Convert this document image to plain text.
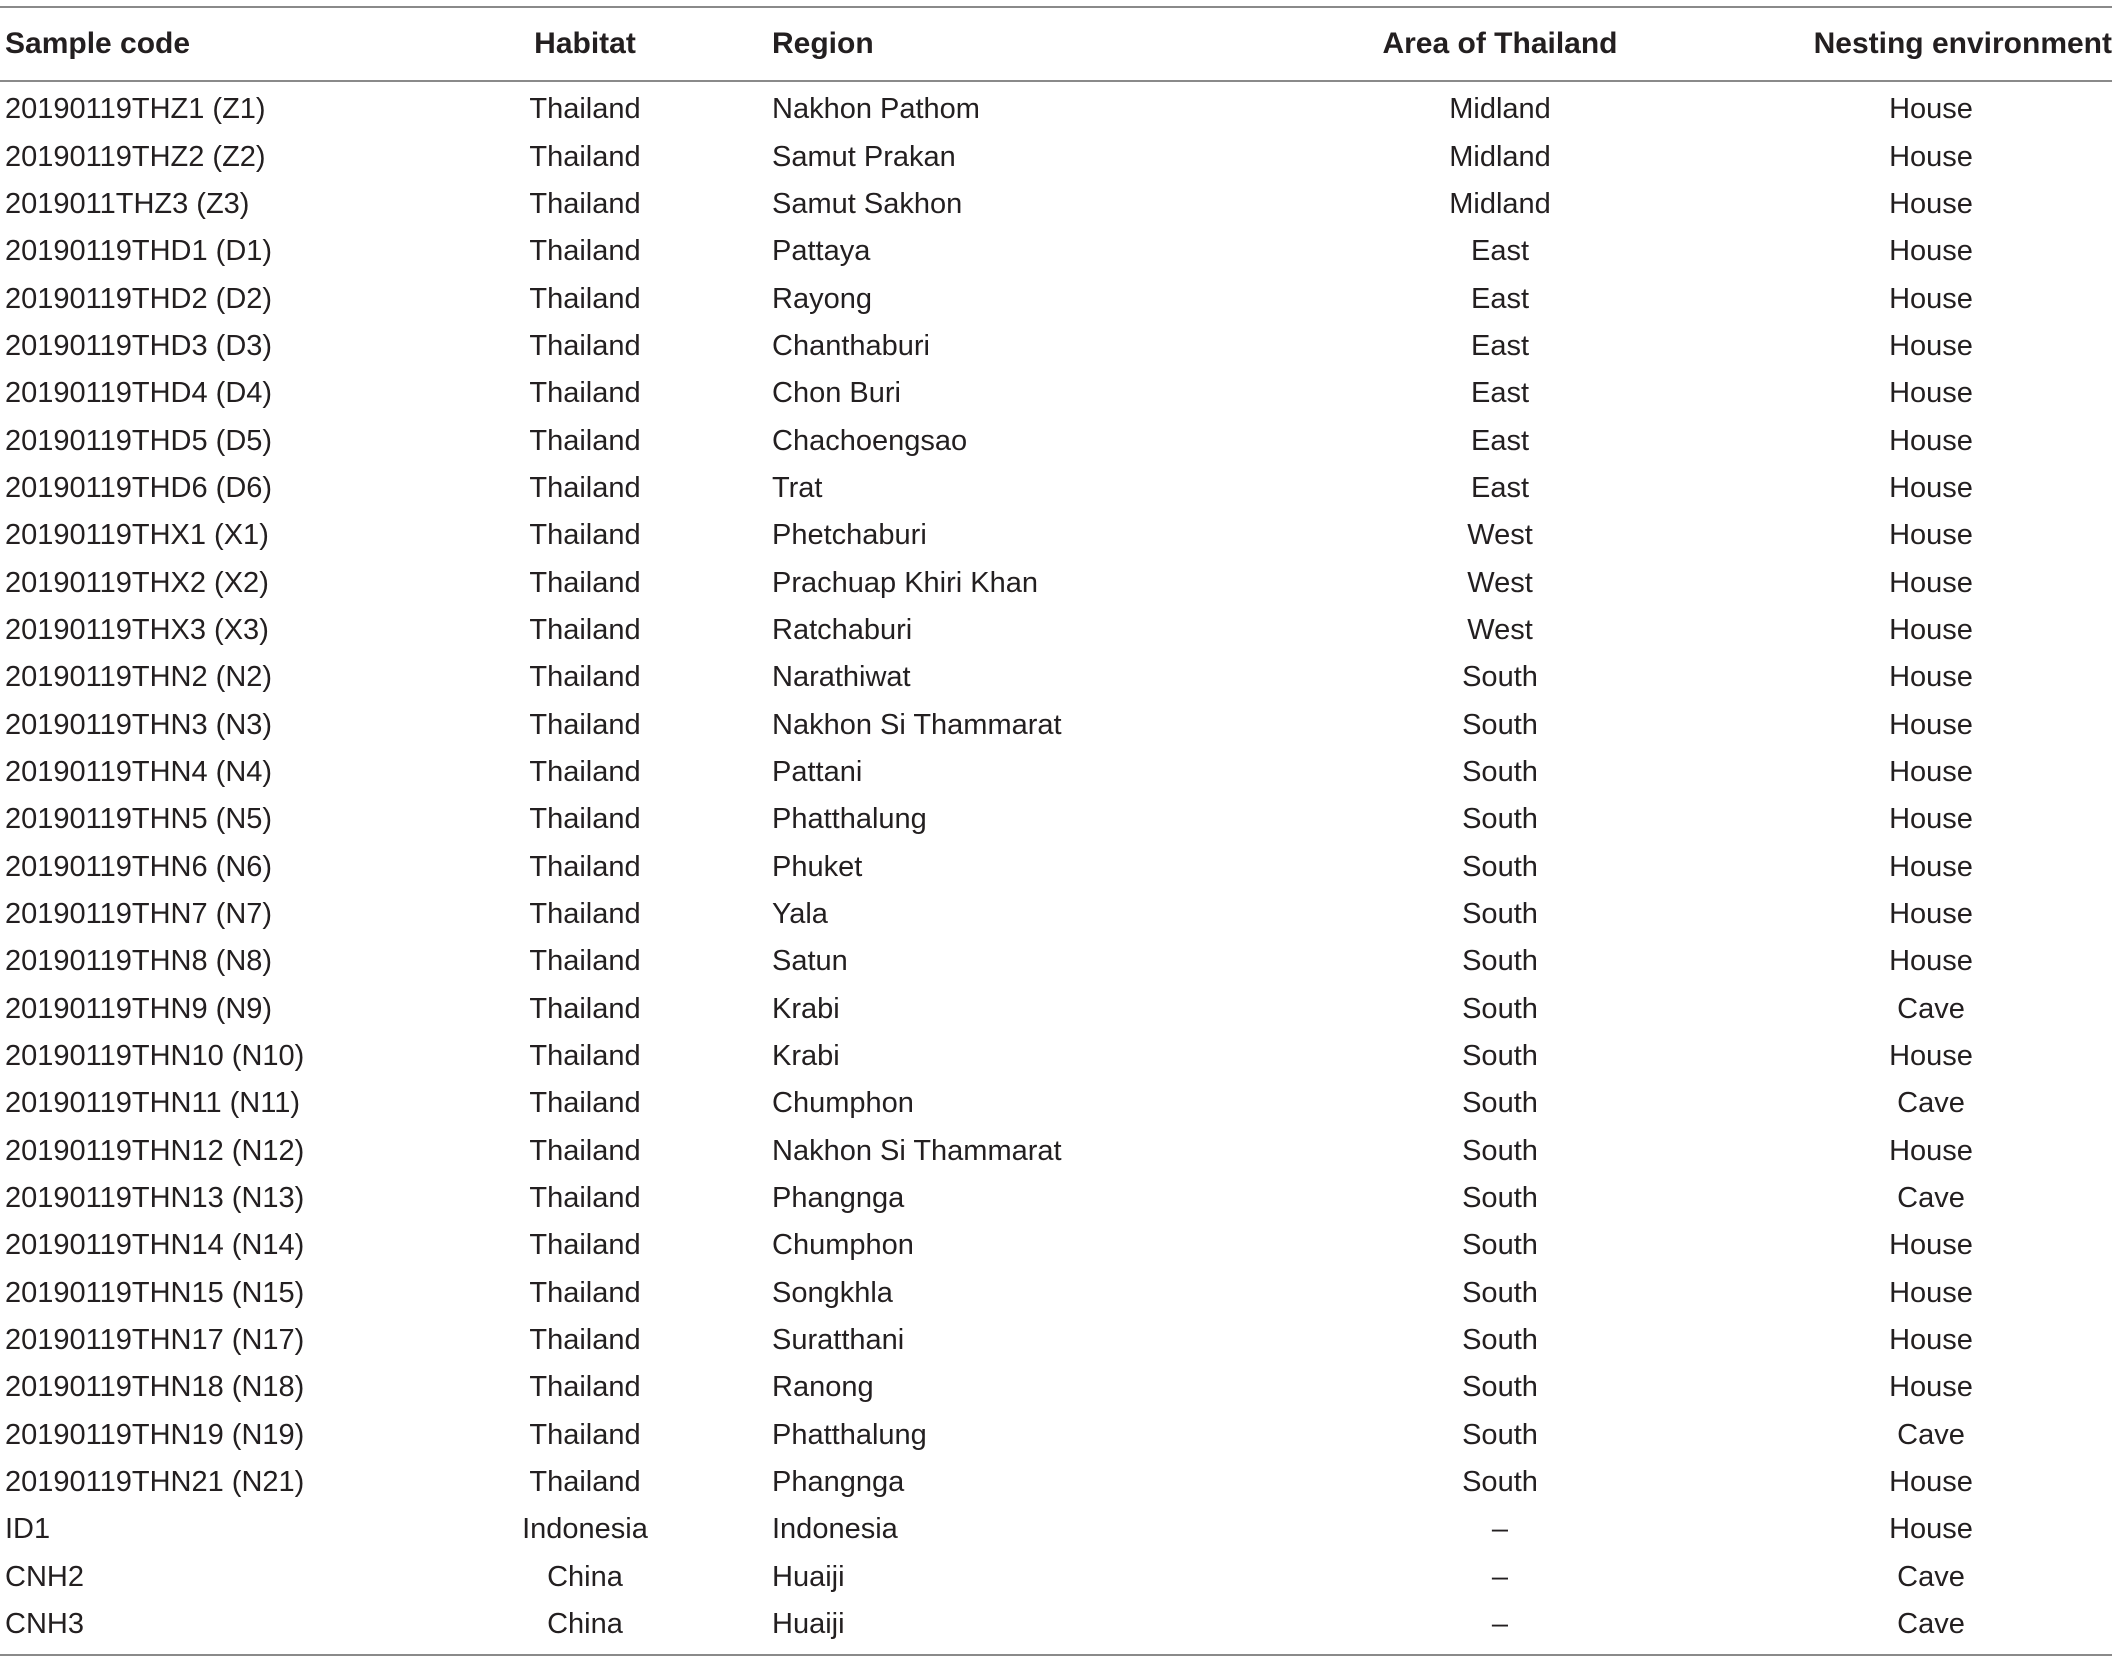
Sample code	Habitat	Region	Area of Thailand	Nesting environment
20190119THZ1 (Z1)	Thailand	Nakhon Pathom	Midland	House
20190119THZ2 (Z2)	Thailand	Samut Prakan	Midland	House
2019011THZ3 (Z3)	Thailand	Samut Sakhon	Midland	House
20190119THD1 (D1)	Thailand	Pattaya	East	House
20190119THD2 (D2)	Thailand	Rayong	East	House
20190119THD3 (D3)	Thailand	Chanthaburi	East	House
20190119THD4 (D4)	Thailand	Chon Buri	East	House
20190119THD5 (D5)	Thailand	Chachoengsao	East	House
20190119THD6 (D6)	Thailand	Trat	East	House
20190119THX1 (X1)	Thailand	Phetchaburi	West	House
20190119THX2 (X2)	Thailand	Prachuap Khiri Khan	West	House
20190119THX3 (X3)	Thailand	Ratchaburi	West	House
20190119THN2 (N2)	Thailand	Narathiwat	South	House
20190119THN3 (N3)	Thailand	Nakhon Si Thammarat	South	House
20190119THN4 (N4)	Thailand	Pattani	South	House
20190119THN5 (N5)	Thailand	Phatthalung	South	House
20190119THN6 (N6)	Thailand	Phuket	South	House
20190119THN7 (N7)	Thailand	Yala	South	House
20190119THN8 (N8)	Thailand	Satun	South	House
20190119THN9 (N9)	Thailand	Krabi	South	Cave
20190119THN10 (N10)	Thailand	Krabi	South	House
20190119THN11 (N11)	Thailand	Chumphon	South	Cave
20190119THN12 (N12)	Thailand	Nakhon Si Thammarat	South	House
20190119THN13 (N13)	Thailand	Phangnga	South	Cave
20190119THN14 (N14)	Thailand	Chumphon	South	House
20190119THN15 (N15)	Thailand	Songkhla	South	House
20190119THN17 (N17)	Thailand	Suratthani	South	House
20190119THN18 (N18)	Thailand	Ranong	South	House
20190119THN19 (N19)	Thailand	Phatthalung	South	Cave
20190119THN21 (N21)	Thailand	Phangnga	South	House
ID1	Indonesia	Indonesia	–	House
CNH2	China	Huaiji	–	Cave
CNH3	China	Huaiji	–	Cave
